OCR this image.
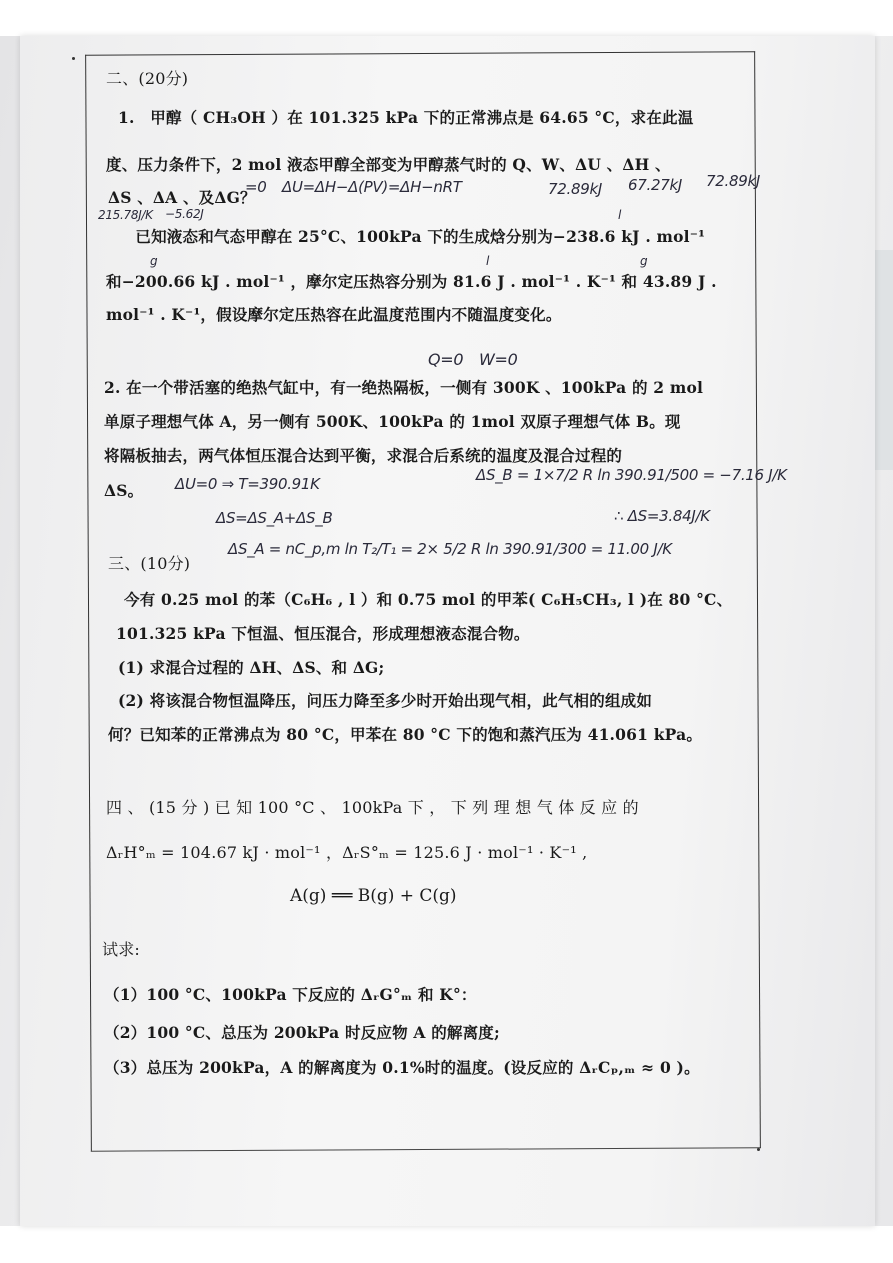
二、(20分)
1.　甲醇（ CH₃OH ）在 101.325 kPa 下的正常沸点是 64.65 °C，求在此温
度、压力条件下，2 mol 液态甲醇全部变为甲醇蒸气时的 Q、W、ΔU 、ΔH 、
ΔS 、ΔA 、及ΔG？
=0 ΔU=ΔH−Δ(PV)=ΔH−nRT	72.89kJ 67.27kJ 72.89kJ
215.78J/K −5.62J	l
　　已知液态和气态甲醇在 25°C、100kPa 下的生成焓分别为−238.6 kJ . mol⁻¹
g	l
和−200.66 kJ . mol⁻¹ ，摩尔定压热容分别为 81.6 J . mol⁻¹ . K⁻¹ 和 43.89 J .
g
mol⁻¹ . K⁻¹，假设摩尔定压热容在此温度范围内不随温度变化。
Q=0　W=0
2. 在一个带活塞的绝热气缸中，有一绝热隔板，一侧有 300K 、100kPa 的 2 mol
单原子理想气体 A，另一侧有 500K、100kPa 的 1mol 双原子理想气体 B。现
将隔板抽去，两气体恒压混合达到平衡，求混合后系统的温度及混合过程的
ΔS。 ΔU=0 ⇒ T=390.91K	ΔS_B = 1×7/2 R ln 390.91/500 = −7.16 J/K
ΔS=ΔS_A+ΔS_B	∴ ΔS=3.84J/K
三、(10分)
ΔS_A = nC_p,m ln T₂/T₁ = 2× 5/2 R ln 390.91/300 = 11.00 J/K
今有 0.25 mol 的苯（C₆H₆ , l ）和 0.75 mol 的甲苯( C₆H₅CH₃, l )在 80 °C、
101.325 kPa 下恒温、恒压混合，形成理想液态混合物。
(1) 求混合过程的 ΔH、ΔS、和 ΔG;
(2) 将该混合物恒温降压，问压力降至多少时开始出现气相，此气相的组成如
何？已知苯的正常沸点为 80 °C，甲苯在 80 °C 下的饱和蒸汽压为 41.061 kPa。
四 、 (15 分 ) 已 知 100 °C 、 100kPa 下 ， 下 列 理 想 气 体 反 应 的
ΔᵣH°ₘ = 104.67 kJ · mol⁻¹ ，ΔᵣS°ₘ = 125.6 J · mol⁻¹ · K⁻¹ ,
A(g) ══ B(g) + C(g)
试求:
（1）100 °C、100kPa 下反应的 ΔᵣG°ₘ 和 K°：
（2）100 °C、总压为 200kPa 时反应物 A 的解离度;
（3）总压为 200kPa，A 的解离度为 0.1%时的温度。(设反应的 ΔᵣCₚ,ₘ ≈ 0 )。
